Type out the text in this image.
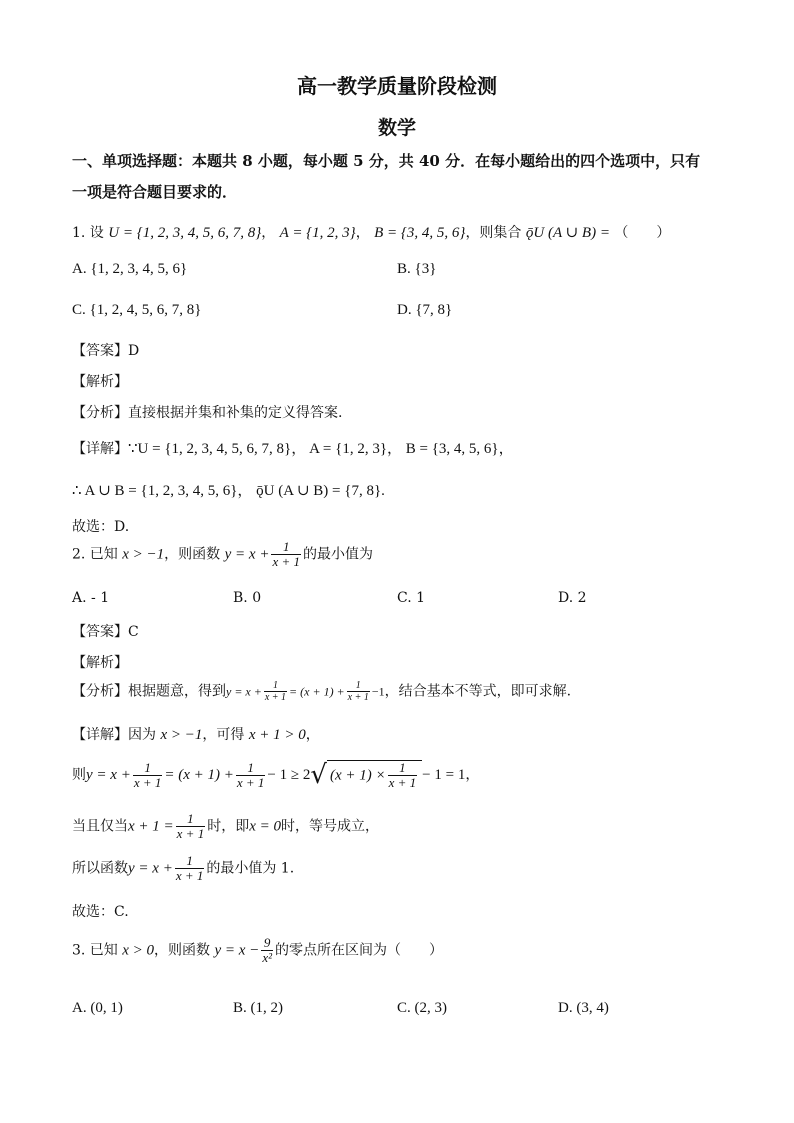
高一教学质量阶段检测
数学
一、单项选择题：本题共 8 小题，每小题 5 分，共 40 分．在每小题给出的四个选项中，只有
一项是符合题目要求的．
1. 设 U = {1, 2, 3, 4, 5, 6, 7, 8}， A = {1, 2, 3}， B = {3, 4, 5, 6}，则集合 ǭU (A ∪ B) = （　　）
A. {1, 2, 3, 4, 5, 6}	B. {3}
C. {1, 2, 4, 5, 6, 7, 8}	D. {7, 8}
【答案】D
【解析】
【分析】直接根据并集和补集的定义得答案.
【详解】∵U = {1, 2, 3, 4, 5, 6, 7, 8}， A = {1, 2, 3}， B = {3, 4, 5, 6}，
∴ A ∪ B = {1, 2, 3, 4, 5, 6}， ǭU (A ∪ B) = {7, 8}.
故选：D.
2. 已知 x > −1，则函数 $y = x + \frac{1}{x + 1}$ 的最小值为
A. - 1	B. 0	C. 1	D. 2
【答案】C
【解析】
【分析】根据题意，得到$y = x + \frac{1}{x + 1} = (x + 1) + \frac{1}{x + 1} -1$，结合基本不等式，即可求解.
【详解】因为 x > −1，可得 x + 1 > 0，
则$y = x + \frac{1}{x + 1} = (x + 1) + \frac{1}{x + 1} - 1 \ge 2√$ $(x + 1) \times \frac{1}{x + 1} - 1 = 1$，
当且仅当$x + 1 = \frac{1}{x + 1}$ 时，即x = 0时，等号成立，
所以函数$y = x + \frac{1}{x + 1}$ 的最小值为 1.
故选：C.
3. 已知 x > 0，则函数 $y = x - \frac{9}{\text{x²}}$ 的零点所在区间为（　　）
A. (0, 1)	B. (1, 2)	C. (2, 3)	D. (3, 4)
